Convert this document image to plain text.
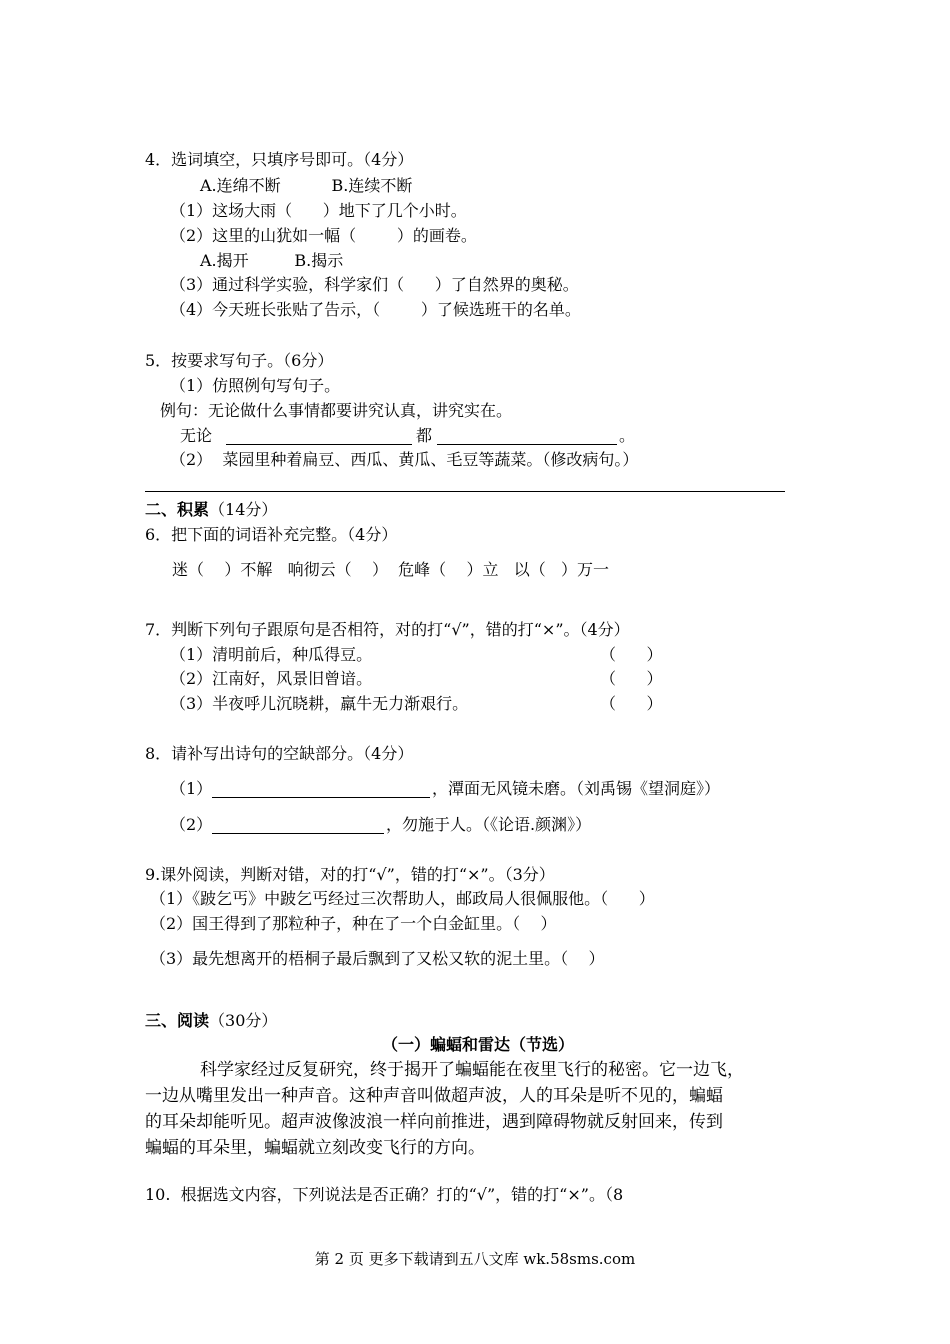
4．选词填空，只填序号即可。（4分）
A.连绵不断          B.连续不断
（1）这场大雨（      ）地下了几个小时。
（2）这里的山犹如一幅（        ）的画卷。
A.揭开         B.揭示
（3）通过科学实验，科学家们（      ）了自然界的奥秘。
（4）今天班长张贴了告示，（        ）了候选班干的名单。
5．按要求写句子。（6分）
（1）仿照例句写句子。
例句：无论做什么事情都要讲究认真，讲究实在。
无论	都	。
（2）  菜园里种着扁豆、西瓜、黄瓜、毛豆等蔬菜。（修改病句。）
二、积累（14分）
6．把下面的词语补充完整。（4分）
迷（    ）不解   响彻云（    ）  危峰（    ）立   以（   ）万一
7．判断下列句子跟原句是否相符，对的打“√”，错的打“×”。（4分）
（1）清明前后，种瓜得豆。	（      ）
（2）江南好，风景旧曾谙。	（      ）
（3）半夜呼儿沉晓耕，羸牛无力渐艰行。	（      ）
8．请补写出诗句的空缺部分。（4分）
（1）	，潭面无风镜未磨。（刘禹锡《望洞庭》）
（2）	，勿施于人。（《论语.颜渊》）
9.课外阅读，判断对错，对的打“√”，错的打“×”。（3分）
（1）《跛乞丐》中跛乞丐经过三次帮助人，邮政局人很佩服他。（      ）
（2）国王得到了那粒种子，种在了一个白金缸里。（    ）
（3）最先想离开的梧桐子最后飘到了又松又软的泥土里。（    ）
三、阅读（30分）
（一）蝙蝠和雷达（节选）
科学家经过反复研究，终于揭开了蝙蝠能在夜里飞行的秘密。它一边飞，
一边从嘴里发出一种声音。这种声音叫做超声波，人的耳朵是听不见的，蝙蝠
的耳朵却能听见。超声波像波浪一样向前推进，遇到障碍物就反射回来，传到
蝙蝠的耳朵里，蝙蝠就立刻改变飞行的方向。
10.  根据选文内容，下列说法是否正确？打的“√”，错的打“×”。（8
第 2 页 更多下载请到五八文库 wk.58sms.com
